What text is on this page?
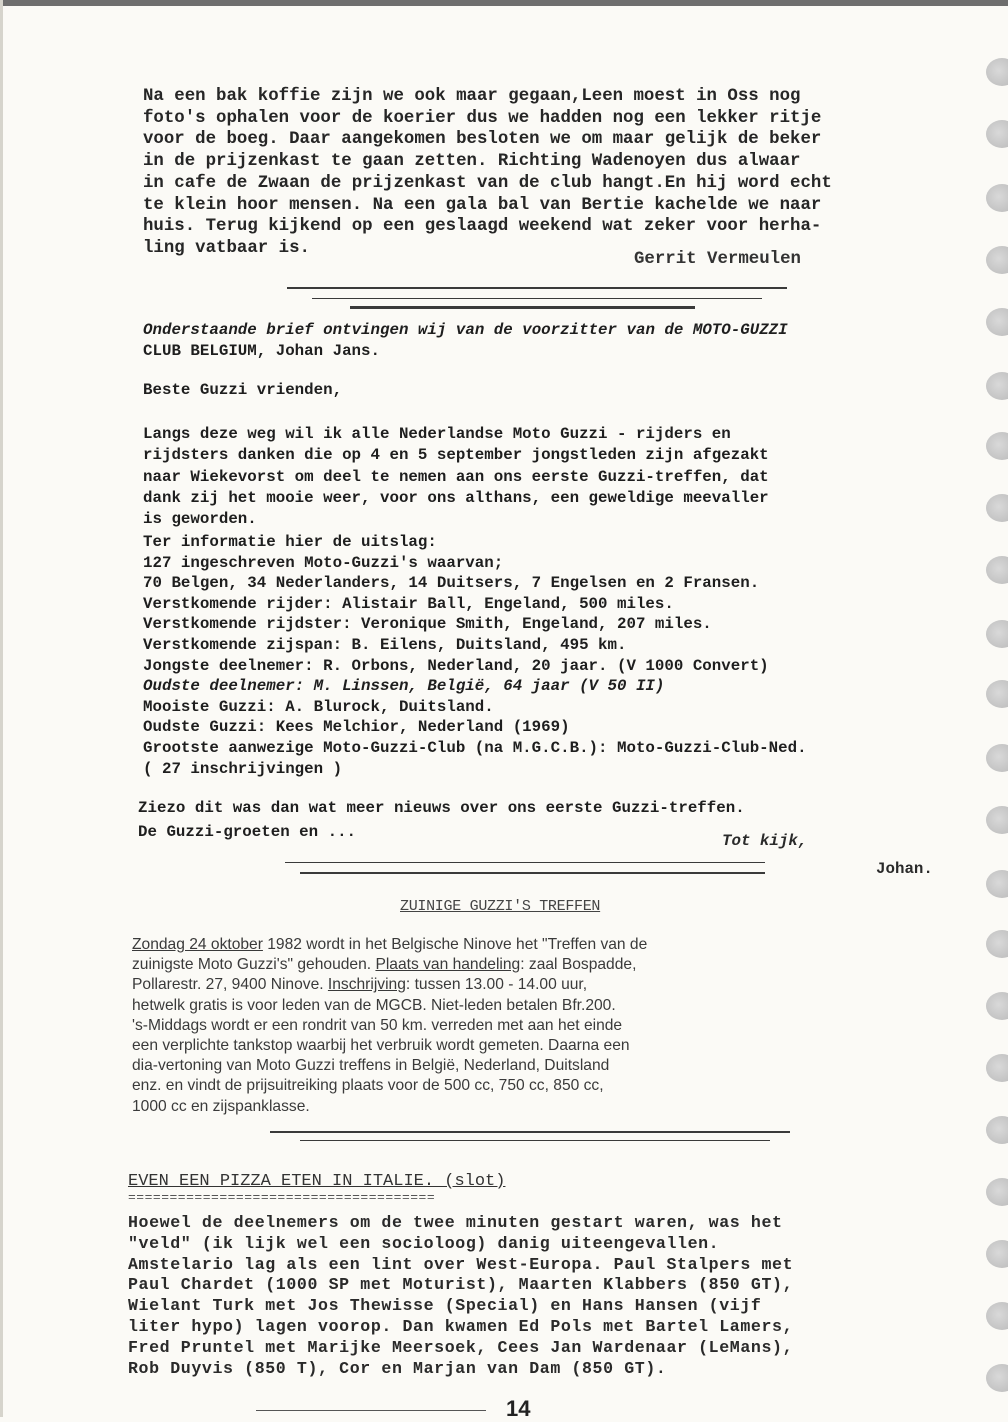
Na een bak koffie zijn we ook maar gegaan,Leen moest in Oss nog
foto's ophalen voor de koerier dus we hadden nog een lekker ritje
voor de boeg. Daar aangekomen besloten we om maar gelijk de beker
in de prijzenkast te gaan zetten. Richting Wadenoyen dus alwaar
in cafe de Zwaan de prijzenkast van de club hangt.En hij word echt
te klein hoor mensen. Na een gala bal van Bertie kachelde we naar
huis. Terug kijkend op een geslaagd weekend wat zeker voor herha-
ling vatbaar is.
Gerrit Vermeulen
Onderstaande brief ontvingen wij van de voorzitter van de MOTO-GUZZI
CLUB BELGIUM, Johan Jans.
Beste Guzzi vrienden,
Langs deze weg wil ik alle Nederlandse Moto Guzzi - rijders en
rijdsters danken die op 4 en 5 september jongstleden zijn afgezakt
naar Wiekevorst om deel te nemen aan ons eerste Guzzi-treffen, dat
dank zij het mooie weer, voor ons althans, een geweldige meevaller
is geworden.
Ter informatie hier de uitslag:
127 ingeschreven Moto-Guzzi's waarvan;
70 Belgen, 34 Nederlanders, 14 Duitsers, 7 Engelsen en 2 Fransen.
Verstkomende rijder: Alistair Ball, Engeland, 500 miles.
Verstkomende rijdster: Veronique Smith, Engeland, 207 miles.
Verstkomende zijspan: B. Eilens, Duitsland, 495 km.
Jongste deelnemer: R. Orbons, Nederland, 20 jaar. (V 1000 Convert)
Oudste deelnemer: M. Linssen, België, 64 jaar (V 50 II)
Mooiste Guzzi: A. Blurock, Duitsland.
Oudste Guzzi: Kees Melchior, Nederland (1969)
Grootste aanwezige Moto-Guzzi-Club (na M.G.C.B.): Moto-Guzzi-Club-Ned.
( 27 inschrijvingen )
Ziezo dit was dan wat meer nieuws over ons eerste Guzzi-treffen.
De Guzzi-groeten en ...	Tot kijk,
Johan.
ZUINIGE GUZZI'S TREFFEN
Zondag 24 oktober 1982 wordt in het Belgische Ninove het "Treffen van de
zuinigste Moto Guzzi's" gehouden. Plaats van handeling: zaal Bospadde,
Pollarestr. 27, 9400 Ninove. Inschrijving: tussen 13.00 - 14.00 uur,
hetwelk gratis is voor leden van de MGCB. Niet-leden betalen Bfr.200.
's-Middags wordt er een rondrit van 50 km. verreden met aan het einde
een verplichte tankstop waarbij het verbruik wordt gemeten. Daarna een
dia-vertoning van Moto Guzzi treffens in België, Nederland, Duitsland
enz. en vindt de prijsuitreiking plaats voor de 500 cc, 750 cc, 850 cc,
1000 cc en zijspanklasse.
EVEN EEN PIZZA ETEN IN ITALIE. (slot)
=====================================
Hoewel de deelnemers om de twee minuten gestart waren, was het
"veld" (ik lijk wel een socioloog) danig uiteengevallen.
Amstelario lag als een lint over West-Europa. Paul Stalpers met
Paul Chardet (1000 SP met Moturist), Maarten Klabbers (850 GT),
Wielant Turk met Jos Thewisse (Special) en Hans Hansen (vijf
liter hypo) lagen voorop. Dan kwamen Ed Pols met Bartel Lamers,
Fred Pruntel met Marijke Meersoek, Cees Jan Wardenaar (LeMans),
Rob Duyvis (850 T), Cor en Marjan van Dam (850 GT).
14
